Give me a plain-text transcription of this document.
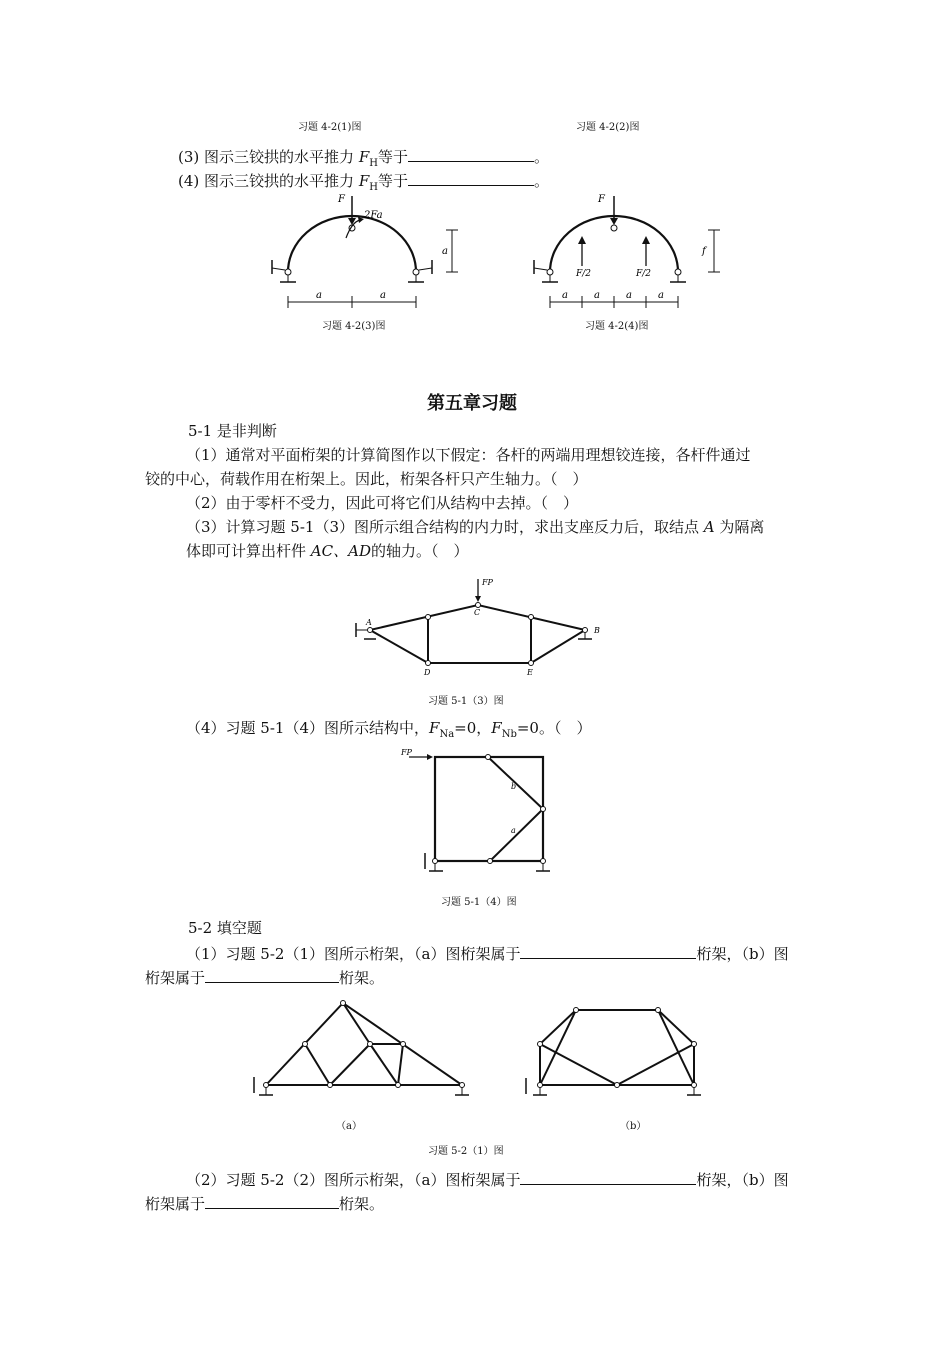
习题 4-2(1)图	习题 4-2(2)图
(3) 图示三铰拱的水平推力 $F_H$等于	。
(4) 图示三铰拱的水平推力 $F_H$等于	。
F
2Fa
a
a	a
习题 4-2(3)图
F
F/2	F/2
f
a	a	a	a
习题 4-2(4)图
第五章习题
5-1 是非判断
（1）通常对平面桁架的计算简图作以下假定：各杆的两端用理想铰连接，各杆件通过
铰的中心，荷载作用在桁架上。因此，桁架各杆只产生轴力。（　）
（2）由于零杆不受力，因此可将它们从结构中去掉。（　）
（3）计算习题 5-1（3）图所示组合结构的内力时，求出支座反力后，取结点 A 为隔离
体即可计算出杆件 AC、AD的轴力。（　）
FP
A
B
C
D	E
习题 5-1（3）图
（4）习题 5-1（4）图所示结构中，$F_{Na}=0$，$F_{Nb}=0$。（　）
FP
b
a
习题 5-1（4）图
5-2 填空题
（1）习题 5-2（1）图所示桁架，（a）图桁架属于	桁架，（b）图
桁架属于	桁架。
（a）	（b）
习题 5-2（1）图
（2）习题 5-2（2）图所示桁架，（a）图桁架属于	桁架，（b）图
桁架属于	桁架。
